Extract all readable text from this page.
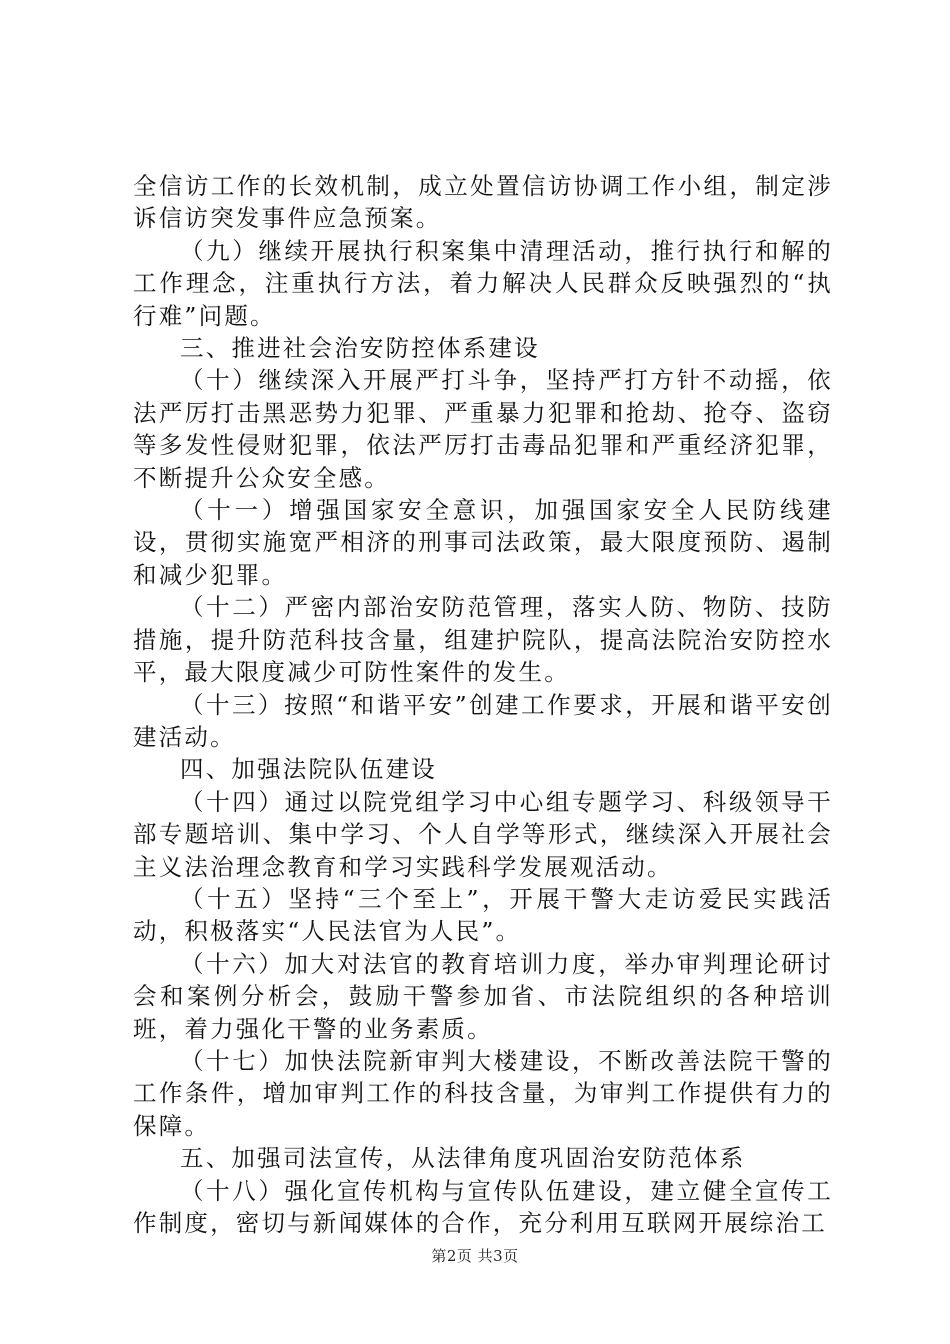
全信访工作的长效机制，成立处置信访协调工作小组，制定涉诉信访突发事件应急预案。

（九）继续开展执行积案集中清理活动，推行执行和解的工作理念，注重执行方法，着力解决人民群众反映强烈的“执行难”问题。

三、推进社会治安防控体系建设

（十）继续深入开展严打斗争，坚持严打方针不动摇，依法严厉打击黑恶势力犯罪、严重暴力犯罪和抢劫、抢夺、盗窃等多发性侵财犯罪，依法严厉打击毒品犯罪和严重经济犯罪，不断提升公众安全感。

（十一）增强国家安全意识，加强国家安全人民防线建设，贯彻实施宽严相济的刑事司法政策，最大限度预防、遏制和减少犯罪。

（十二）严密内部治安防范管理，落实人防、物防、技防措施，提升防范科技含量，组建护院队，提高法院治安防控水平，最大限度减少可防性案件的发生。

（十三）按照“和谐平安”创建工作要求，开展和谐平安创建活动。

四、加强法院队伍建设

（十四）通过以院党组学习中心组专题学习、科级领导干部专题培训、集中学习、个人自学等形式，继续深入开展社会主义法治理念教育和学习实践科学发展观活动。

（十五）坚持“三个至上”，开展干警大走访爱民实践活动，积极落实“人民法官为人民”。

（十六）加大对法官的教育培训力度，举办审判理论研讨会和案例分析会，鼓励干警参加省、市法院组织的各种培训班，着力强化干警的业务素质。

（十七）加快法院新审判大楼建设，不断改善法院干警的工作条件，增加审判工作的科技含量，为审判工作提供有力的保障。

五、加强司法宣传，从法律角度巩固治安防范体系

（十八）强化宣传机构与宣传队伍建设，建立健全宣传工作制度，密切与新闻媒体的合作，充分利用互联网开展综治工

第2页 共3页
